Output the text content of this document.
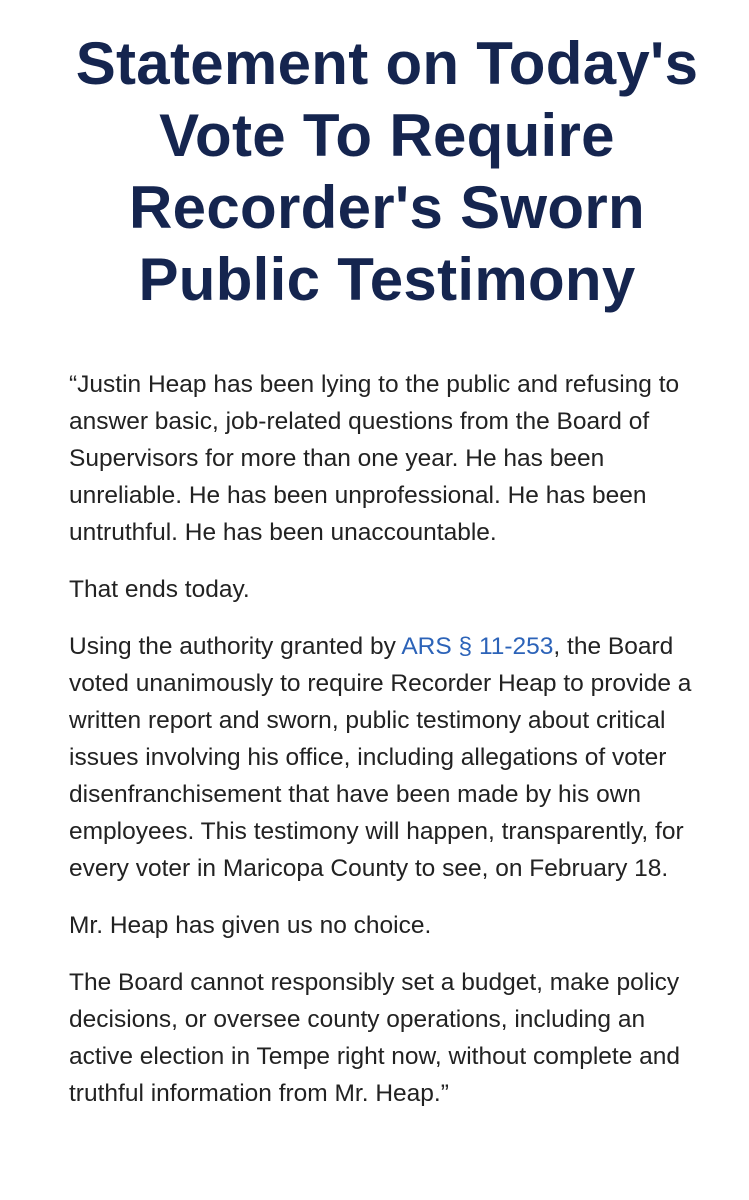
Statement on Today's
Vote To Require
Recorder's Sworn
Public Testimony

“Justin Heap has been lying to the public and refusing to answer basic, job-related questions from the Board of Supervisors for more than one year. He has been unreliable. He has been unprofessional. He has been untruthful. He has been unaccountable.

That ends today.

Using the authority granted by ARS § 11-253, the Board voted unanimously to require Recorder Heap to provide a written report and sworn, public testimony about critical issues involving his office, including allegations of voter disenfranchisement that have been made by his own employees. This testimony will happen, transparently, for every voter in Maricopa County to see, on February 18.

Mr. Heap has given us no choice.

The Board cannot responsibly set a budget, make policy decisions, or oversee county operations, including an active election in Tempe right now, without complete and truthful information from Mr. Heap.”
